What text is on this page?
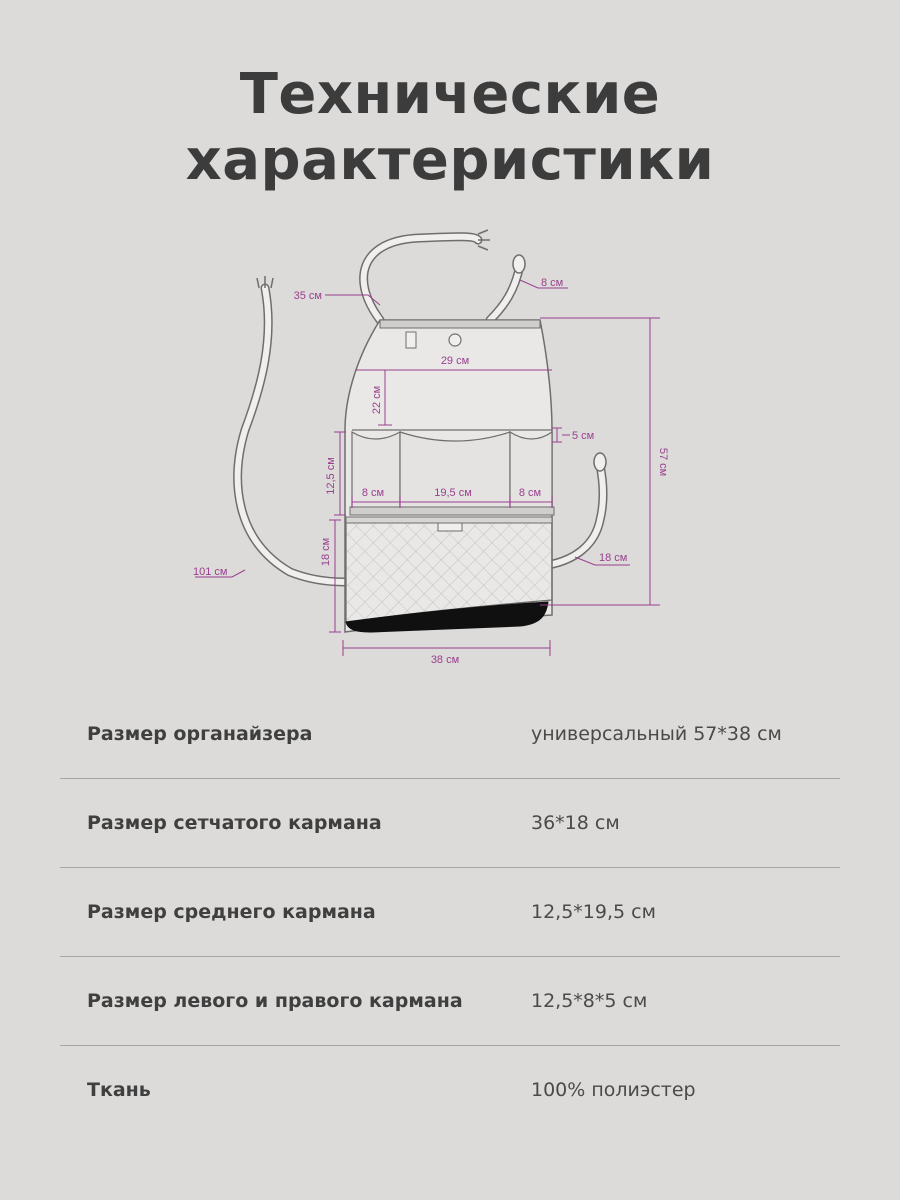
Технические
характеристики
35 см
8 см
29 см
22 см
5 см
57 см
12,5 см 8 см	19,5 см	8 см
18 см	18 см
101 см
38 см
Размер органайзера	универсальный 57*38 см
Размер сетчатого кармана	36*18 см
Размер среднего кармана	12,5*19,5 см
Размер левого и правого кармана	12,5*8*5 см
Ткань	100% полиэстер
